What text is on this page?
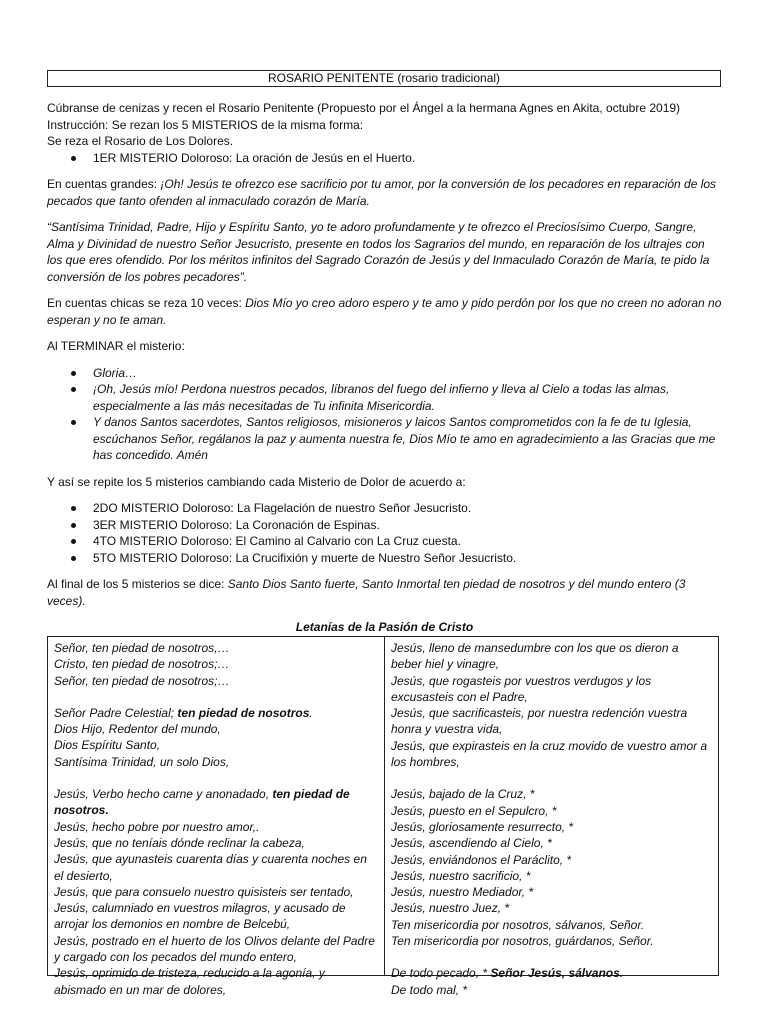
ROSARIO PENITENTE (rosario tradicional)

Cúbranse de cenizas y recen el Rosario Penitente (Propuesto por el Ángel a la hermana Agnes en Akita, octubre 2019)

Instrucción: Se rezan los 5 MISTERIOS de la misma forma:

Se reza el Rosario de Los Dolores.

1ER MISTERIO Doloroso: La oración de Jesús en el Huerto.

En cuentas grandes: ¡Oh! Jesús te ofrezco ese sacrificio por tu amor, por la conversión de los pecadores en reparación de los pecados que tanto ofenden al inmaculado corazón de María.

“Santísima Trinidad, Padre, Hijo y Espíritu Santo, yo te adoro profundamente y te ofrezco el Preciosísimo Cuerpo, Sangre, Alma y Divinidad de nuestro Señor Jesucristo, presente en todos los Sagrarios del mundo, en reparación de los ultrajes con los que eres ofendido. Por los méritos infinitos del Sagrado Corazón de Jesús y del Inmaculado Corazón de María, te pido la conversión de los pobres pecadores”.

En cuentas chicas se reza 10 veces: Dios Mío yo creo adoro espero y te amo y pido perdón por los que no creen no adoran no esperan y no te aman.

Al TERMINAR el misterio:

Gloria…
¡Oh, Jesús mío! Perdona nuestros pecados, líbranos del fuego del infierno y lleva al Cielo a todas las almas, especialmente a las más necesitadas de Tu infinita Misericordia.
Y danos Santos sacerdotes, Santos religiosos, misioneros y laicos Santos comprometidos con la fe de tu Iglesia, escúchanos Señor, regálanos la paz y aumenta nuestra fe, Dios Mío te amo en agradecimiento a las Gracias que me has concedido. Amén

Y así se repite los 5 misterios cambiando cada Misterio de Dolor de acuerdo a:

2DO MISTERIO Doloroso: La Flagelación de nuestro Señor Jesucristo.
3ER MISTERIO Doloroso: La Coronación de Espinas.
4TO MISTERIO Doloroso: El Camino al Calvario con La Cruz cuesta.
5TO MISTERIO Doloroso: La Crucifixión y muerte de Nuestro Señor Jesucristo.

Al final de los 5 misterios se dice: Santo Dios Santo fuerte, Santo Inmortal ten piedad de nosotros y del mundo entero (3 veces).

Letanías de la Pasión de Cristo

Señor, ten piedad de nosotros,…
Cristo, ten piedad de nosotros;…
Señor, ten piedad de nosotros;…
Señor Padre Celestial; ten piedad de nosotros.
Dios Hijo, Redentor del mundo,
Dios Espíritu Santo,
Santísima Trinidad, un solo Dios,
Jesús, Verbo hecho carne y anonadado, ten piedad de nosotros.
Jesús, hecho pobre por nuestro amor,.
Jesús, que no teníais dónde reclinar la cabeza,
Jesús, que ayunasteis cuarenta días y cuarenta noches en el desierto,
Jesús, que para consuelo nuestro quisisteis ser tentado,
Jesús, calumniado en vuestros milagros, y acusado de arrojar los demonios en nombre de Belcebú,
Jesús, postrado en el huerto de los Olivos delante del Padre y cargado con los pecados del mundo entero,
Jesús, oprimido de tristeza, reducido a la agonía, y abismado en un mar de dolores,
Jesús, lleno de mansedumbre con los que os dieron a beber hiel y vinagre,
Jesús, que rogasteis por vuestros verdugos y los excusasteis con el Padre,
Jesús, que sacrificasteis, por nuestra redención vuestra honra y vuestra vida,
Jesús, que expirasteis en la cruz movido de vuestro amor a los hombres,
Jesús, bajado de la Cruz, *
Jesús, puesto en el Sepulcro, *
Jesús, gloriosamente resurrecto, *
Jesús, ascendiendo al Cielo, *
Jesús, enviándonos el Paráclito, *
Jesús, nuestro sacrificio, *
Jesús, nuestro Mediador, *
Jesús, nuestro Juez, *
Ten misericordia por nosotros, sálvanos, Señor.
Ten misericordia por nosotros, guárdanos, Señor.
De todo pecado, * Señor Jesús, sálvanos.
De todo mal, *
